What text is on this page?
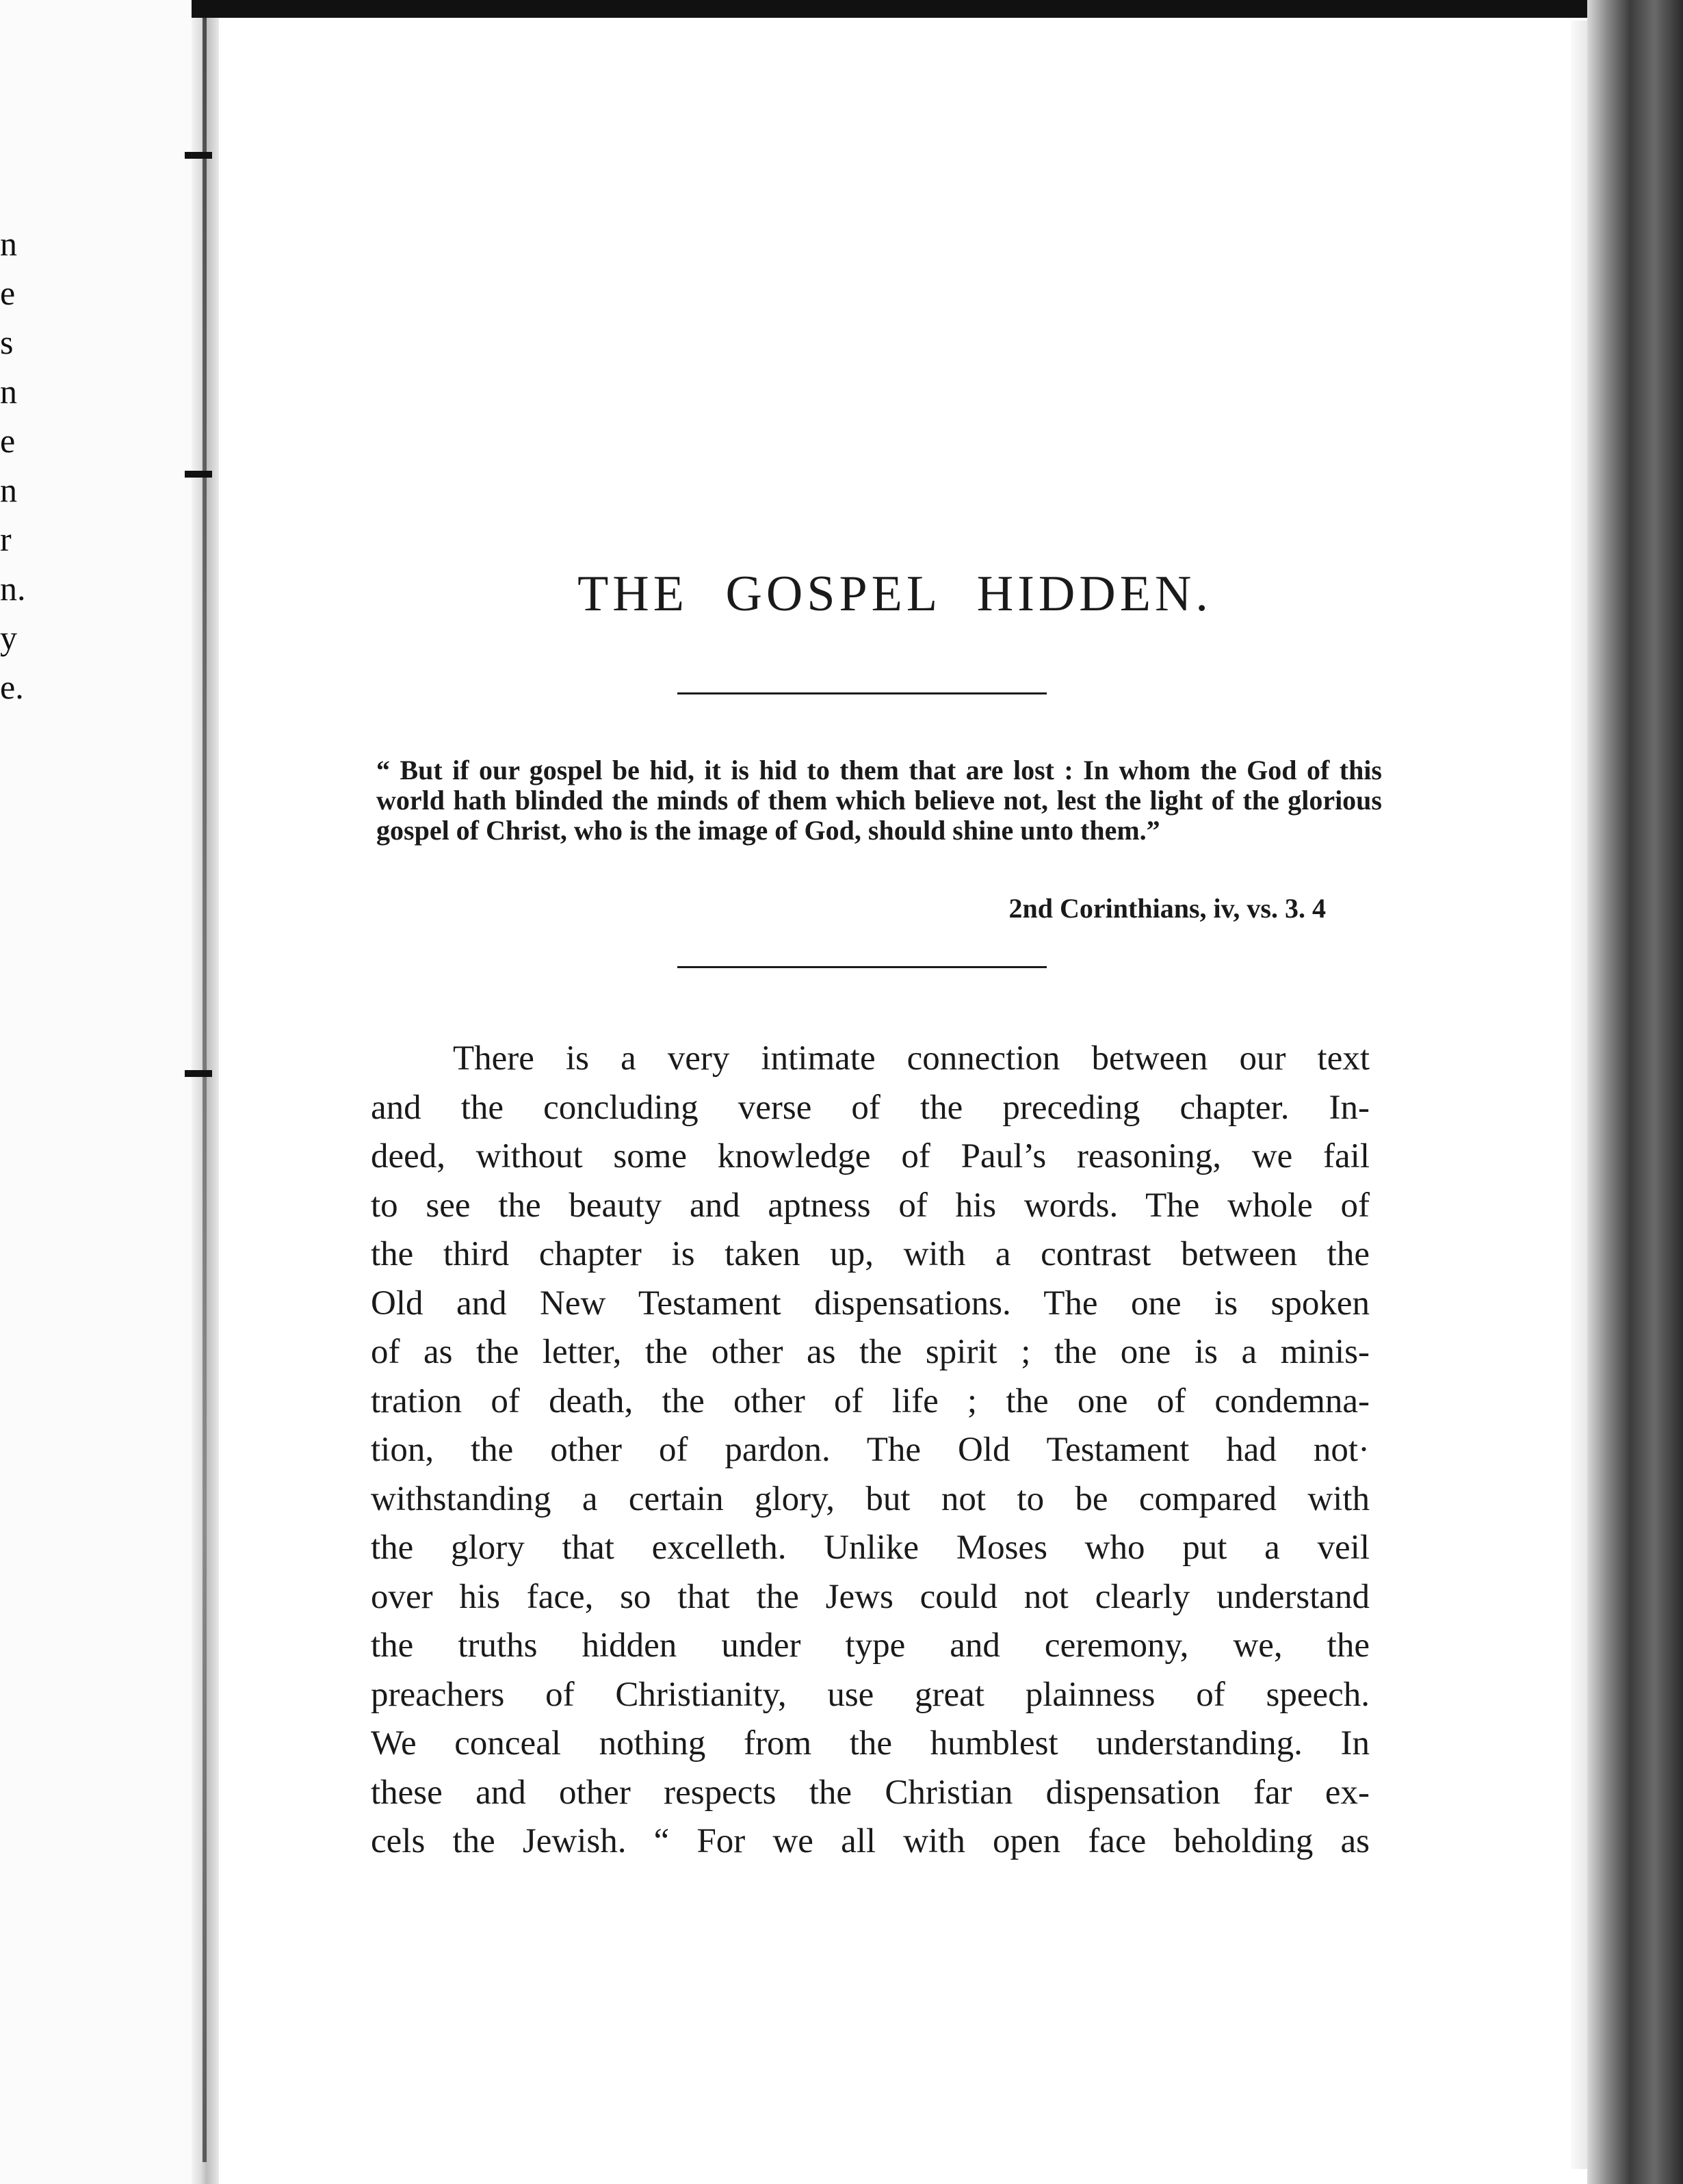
n
e
s
n
e
n
r
n.
y
e.
THE GOSPEL HIDDEN.
“ But if our gospel be hid, it is hid to them that are lost : In whom the God of this world hath blinded the minds of them which believe not, lest the light of the glorious gospel of Christ, who is the image of God, should shine unto them.”
2nd Corinthians, iv, vs. 3. 4
There is a very intimate connection between our text
and the concluding verse of the preceding chapter. In-
deed, without some knowledge of Paul’s reasoning, we fail
to see the beauty and aptness of his words. The whole of
the third chapter is taken up, with a contrast between the
Old and New Testament dispensations. The one is spoken
of as the letter, the other as the spirit ; the one is a minis-
tration of death, the other of life ; the one of condemna-
tion, the other of pardon. The Old Testament had not·
withstanding a certain glory, but not to be compared with
the glory that excelleth. Unlike Moses who put a veil
over his face, so that the Jews could not clearly understand
the truths hidden under type and ceremony, we, the
preachers of Christianity, use great plainness of speech.
We conceal nothing from the humblest understanding. In
these and other respects the Christian dispensation far ex-
cels the Jewish. “ For we all with open face beholding as
